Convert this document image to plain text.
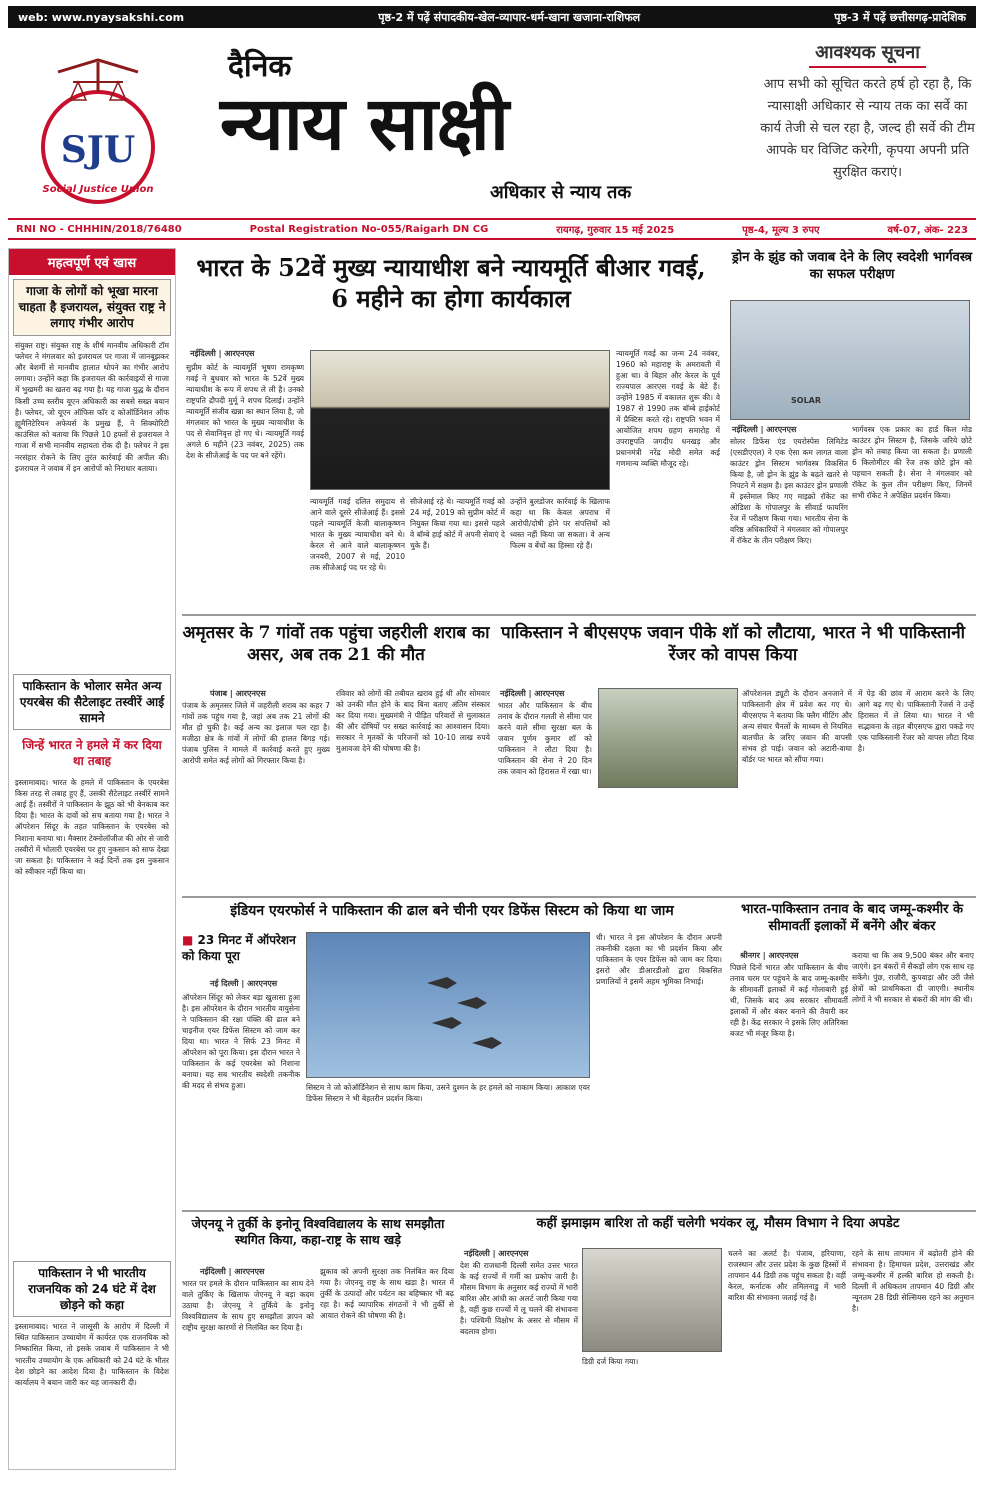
web: www.nyaysakshi.com	पृष्ठ-2 में पढ़ें संपादकीय-खेल-व्यापार-धर्म-खाना खजाना-राशिफल	पृष्ठ-3 में पढ़ें छत्तीसगढ़-प्रादेशिक
SJU
Social Justice Union
दैनिक
न्याय साक्षी
अधिकार से न्याय तक
आवश्यक सूचना
आप सभी को सूचित करते हर्ष हो रहा है, कि न्यासाक्षी अधिकार से न्याय तक का सर्वे का कार्य तेजी से चल रहा है, जल्द ही सर्वे की टीम आपके घर विजिट करेगी, कृपया अपनी प्रति सुरक्षित कराएं।
RNI NO - CHHHIN/2018/76480	Postal Registration No-055/Raigarh DN CG	रायगढ़, गुरुवार 15 मई 2025	पृष्ठ-4, मूल्य 3 रुपए	वर्ष-07, अंक- 223
महत्वपूर्ण एवं खास
गाजा के लोगों को भूखा मारना चाहता है इजरायल, संयुक्त राष्ट्र ने लगाए गंभीर आरोप
संयुक्त राष्ट्र। संयुक्त राष्ट्र के शीर्ष मानवीय अधिकारी टॉम फ्लेचर ने मंगलवार को इजरायल पर गाजा में जानबूझकर और बेशर्मी से मानवीय हालात थोपने का गंभीर आरोप लगाया। उन्होंने कहा कि इजरायल की कार्रवाइयों से गाजा में भुखमरी का खतरा बढ़ गया है। यह गाजा युद्ध के दौरान किसी उच्च स्तरीय यूएन अधिकारी का सबसे सख्त बयान है। फ्लेचर, जो यूएन ऑफिस फॉर द कोऑर्डिनेशन ऑफ ह्यूमैनिटेरियन अफेयर्स के प्रमुख हैं, ने सिक्योरिटी काउंसिल को बताया कि पिछले 10 हफ्तों से इजरायल ने गाजा में सभी मानवीय सहायता रोक दी है। फ्लेचर ने इस नरसंहार रोकने के लिए तुरंत कार्रवाई की अपील की। इजरायल ने जवाब में इन आरोपों को निराधार बताया।
पाकिस्तान के भोलार समेत अन्य एयरबेस की सैटेलाइट तस्वीरें आई सामने
जिन्हें भारत ने हमले में कर दिया था तबाह
इस्लामाबाद। भारत के हमले में पाकिस्तान के एयरबेस किस तरह से तबाह हुए हैं, उसकी सैटेलाइट तस्वीरें सामने आई हैं। तस्वीरों ने पाकिस्तान के झूठ को भी बेनकाब कर दिया है। भारत के दावों को सच बताया गया है। भारत ने ऑपरेशन सिंदूर के तहत पाकिस्तान के एयरबेस को निशाना बनाया था। मैक्सार टेक्नोलॉजीज की ओर से जारी तस्वीरों में भोलारी एयरबेस पर हुए नुकसान को साफ देखा जा सकता है। पाकिस्तान ने कई दिनों तक इस नुकसान को स्वीकार नहीं किया था।
पाकिस्तान ने भी भारतीय राजनयिक को 24 घंटे में देश छोड़ने को कहा
इस्लामाबाद। भारत ने जासूसी के आरोप में दिल्ली में स्थित पाकिस्तान उच्चायोग में कार्यरत एक राजनयिक को निष्कासित किया, तो इसके जवाब में पाकिस्तान ने भी भारतीय उच्चायोग के एक अधिकारी को 24 घंटे के भीतर देश छोड़ने का आदेश दिया है। पाकिस्तान के विदेश कार्यालय ने बयान जारी कर यह जानकारी दी।
भारत के 52वें मुख्य न्यायाधीश बने न्यायमूर्ति बीआर गवई, 6 महीने का होगा कार्यकाल
नईदिल्ली | आरएनएस
सुप्रीम कोर्ट के न्यायमूर्ति भूषण रामकृष्ण गवई ने बुधवार को भारत के 52वें मुख्य न्यायाधीश के रूप में शपथ ले ली है। उनको राष्ट्रपति द्रौपदी मुर्मू ने शपथ दिलाई। उन्होंने न्यायमूर्ति संजीव खन्ना का स्थान लिया है, जो मंगलवार को भारत के मुख्य न्यायाधीश के पद से सेवानिवृत्त हो गए थे। न्यायमूर्ति गवई अगले 6 महीने (23 नवंबर, 2025) तक देश के सीजेआई के पद पर बने रहेंगे।
न्यायमूर्ति गवई दलित समुदाय से आने वाले दूसरे सीजेआई हैं। इससे पहले न्यायमूर्ति केजी बालाकृष्णन भारत के मुख्य न्यायाधीश बने थे। केरल से आने वाले बालाकृष्णन जनवरी, 2007 से मई, 2010 तक सीजेआई पद पर रहे थे।
सीजेआई रहे थे। न्यायमूर्ति गवई को 24 मई, 2019 को सुप्रीम कोर्ट में नियुक्त किया गया था। इससे पहले वे बॉम्बे हाई कोर्ट में अपनी सेवाएं दे चुके हैं।
उन्होंने बुलडोजर कार्रवाई के खिलाफ कहा था कि केवल अपराध में आरोपी/दोषी होने पर संपत्तियों को ध्वस्त नहीं किया जा सकता। वे अन्य फिल्म व बेंचों का हिस्सा रहे हैं।
न्यायमूर्ति गवई का जन्म 24 नवंबर, 1960 को महाराष्ट्र के अमरावती में हुआ था। वे बिहार और केरल के पूर्व राज्यपाल आरएस गवई के बेटे हैं। उन्होंने 1985 में वकालत शुरू की। वे 1987 से 1990 तक बॉम्बे हाईकोर्ट में प्रैक्टिस करते रहे। राष्ट्रपति भवन में आयोजित शपथ ग्रहण समारोह में उपराष्ट्रपति जगदीप धनखड़ और प्रधानमंत्री नरेंद्र मोदी समेत कई गणमान्य व्यक्ति मौजूद रहे।
ड्रोन के झुंड को जवाब देने के लिए स्वदेशी भार्गवस्त्र का सफल परीक्षण
SOLAR
नईदिल्ली | आरएनएस
सोलर डिफेंस एंड एयरोस्पेस लिमिटेड (एसडीएएल) ने एक ऐसा कम लागत वाला काउंटर ड्रोन सिस्टम भार्गवस्त्र विकसित किया है, जो ड्रोन के झुंड के बढ़ते खतरे से निपटने में सक्षम है। इस काउंटर ड्रोन प्रणाली में इस्तेमाल किए गए माइक्रो रॉकेट का ओडिशा के गोपालपुर के सीवार्ड फायरिंग रेंज में परीक्षण किया गया। भारतीय सेना के वरिष्ठ अधिकारियों ने मंगलवार को गोपालपुर में रॉकेट के तीन परीक्षण किए।
भार्गवस्त्र एक प्रकार का हार्ड किल मोड काउंटर ड्रोन सिस्टम है, जिसके जरिये छोटे ड्रोन को तबाह किया जा सकता है। प्रणाली 6 किलोमीटर की रेंज तक छोटे ड्रोन को पहचान सकती है। सेना ने मंगलवार को रॉकेट के कुल तीन परीक्षण किए, जिनमें सभी रॉकेट ने अपेक्षित प्रदर्शन किया।
अमृतसर के 7 गांवों तक पहुंचा जहरीली शराब का असर, अब तक 21 की मौत
पंजाब | आरएनएस
पंजाब के अमृतसर जिले में जहरीली शराब का कहर 7 गांवों तक पहुंच गया है, जहां अब तक 21 लोगों की मौत हो चुकी है। कई अन्य का इलाज चल रहा है। मजीठा क्षेत्र के गांवों में लोगों की हालत बिगड़ गई। पंजाब पुलिस ने मामले में कार्रवाई करते हुए मुख्य आरोपी समेत कई लोगों को गिरफ्तार किया है।
रविवार को लोगों की तबीयत खराब हुई थी और सोमवार को उनकी मौत होने के बाद बिना बताए अंतिम संस्कार कर दिया गया। मुख्यमंत्री ने पीड़ित परिवारों से मुलाकात की और दोषियों पर सख्त कार्रवाई का आश्वासन दिया। सरकार ने मृतकों के परिजनों को 10-10 लाख रुपये मुआवजा देने की घोषणा की है।
पाकिस्तान ने बीएसएफ जवान पीके शॉ को लौटाया, भारत ने भी पाकिस्तानी रेंजर को वापस किया
नईदिल्ली | आरएनएस
भारत और पाकिस्तान के बीच तनाव के दौरान गलती से सीमा पार करने वाले सीमा सुरक्षा बल के जवान पूर्णम कुमार शॉ को पाकिस्तान ने लौटा दिया है। पाकिस्तान की सेना ने 20 दिन तक जवान को हिरासत में रखा था।
ऑपरेशनल ड्यूटी के दौरान अनजाने में पाकिस्तानी क्षेत्र में प्रवेश कर गए थे। बीएसएफ ने बताया कि फ्लैग मीटिंग और अन्य संचार चैनलों के माध्यम से नियमित बातचीत के जरिए जवान की वापसी संभव हो पाई। जवान को अटारी-वाघा बॉर्डर पर भारत को सौंपा गया।
में पेड़ की छांव में आराम करने के लिए आगे बढ़ गए थे। पाकिस्तानी रेंजर्स ने उन्हें हिरासत में ले लिया था। भारत ने भी सद्भावना के तहत बीएसएफ द्वारा पकड़े गए एक पाकिस्तानी रेंजर को वापस लौटा दिया है।
इंडियन एयरफोर्स ने पाकिस्तान की ढाल बने चीनी एयर डिफेंस सिस्टम को किया था जाम
■ 23 मिनट में ऑपरेशन को किया पूरा
नई दिल्ली | आरएनएस
ऑपरेशन सिंदूर को लेकर बड़ा खुलासा हुआ है। इस ऑपरेशन के दौरान भारतीय वायुसेना ने पाकिस्तान की रक्षा पंक्ति की ढाल बने चाइनीज एयर डिफेंस सिस्टम को जाम कर दिया था। भारत ने सिर्फ 23 मिनट में ऑपरेशन को पूरा किया। इस दौरान भारत ने पाकिस्तान के कई एयरबेस को निशाना बनाया। यह सब भारतीय स्वदेशी तकनीक की मदद से संभव हुआ।	सिस्टम ने जो कोऑर्डिनेशन से साथ काम किया, उसने दुश्मन के हर हमले को नाकाम किया। आकाश एयर डिफेंस सिस्टम ने भी बेहतरीन प्रदर्शन किया।
थी। भारत ने इस ऑपरेशन के दौरान अपनी तकनीकी दक्षता का भी प्रदर्शन किया और पाकिस्तान के एयर डिफेंस को जाम कर दिया। इसरो और डीआरडीओ द्वारा विकसित प्रणालियों ने इसमें अहम भूमिका निभाई।
भारत-पाकिस्तान तनाव के बाद जम्मू-कश्मीर के सीमावर्ती इलाकों में बनेंगे और बंकर
श्रीनगर | आरएनएस
पिछले दिनों भारत और पाकिस्तान के बीच तनाव चरम पर पहुंचने के बाद जम्मू-कश्मीर के सीमावर्ती इलाकों में कई गोलाबारी हुई थी, जिसके बाद अब सरकार सीमावर्ती इलाकों में और बंकर बनाने की तैयारी कर रही है। केंद्र सरकार ने इसके लिए अतिरिक्त बजट भी मंजूर किया है।
कराया था कि अब 9,500 बंकर और बनाए जाएंगे। इन बंकरों में सैकड़ों लोग एक साथ रह सकेंगे। पुंछ, राजौरी, कुपवाड़ा और उरी जैसे क्षेत्रों को प्राथमिकता दी जाएगी। स्थानीय लोगों ने भी सरकार से बंकरों की मांग की थी।
जेएनयू ने तुर्की के इनोनू विश्वविद्यालय के साथ समझौता स्थगित किया, कहा-राष्ट्र के साथ खड़े
नईदिल्ली | आरएनएस
भारत पर हमले के दौरान पाकिस्तान का साथ देने वाले तुर्किए के खिलाफ जेएनयू ने बड़ा कदम उठाया है। जेएनयू ने तुर्किये के इनोनू विश्वविद्यालय के साथ हुए समझौता ज्ञापन को राष्ट्रीय सुरक्षा कारणों से निलंबित कर दिया है।
झुकाव को अपनी सुरक्षा तक निलंबित कर दिया गया है। जेएनयू राष्ट्र के साथ खड़ा है। भारत में तुर्की के उत्पादों और पर्यटन का बहिष्कार भी बढ़ रहा है। कई व्यापारिक संगठनों ने भी तुर्की से आयात रोकने की घोषणा की है।
कहीं झमाझम बारिश तो कहीं चलेगी भयंकर लू, मौसम विभाग ने दिया अपडेट
नईदिल्ली | आरएनएस
देश की राजधानी दिल्ली समेत उत्तर भारत के कई राज्यों में गर्मी का प्रकोप जारी है। मौसम विभाग के अनुसार कई राज्यों में भारी बारिश और आंधी का अलर्ट जारी किया गया है, वहीं कुछ राज्यों में लू चलने की संभावना है। पश्चिमी विक्षोभ के असर से मौसम में बदलाव होगा।
डिग्री दर्ज किया गया।
चलने का अलर्ट है। पंजाब, हरियाणा, राजस्थान और उत्तर प्रदेश के कुछ हिस्सों में तापमान 44 डिग्री तक पहुंच सकता है। वहीं केरल, कर्नाटक और तमिलनाडु में भारी बारिश की संभावना जताई गई है।
रहने के साथ तापमान में बढ़ोतरी होने की संभावना है। हिमाचल प्रदेश, उत्तराखंड और जम्मू-कश्मीर में हल्की बारिश हो सकती है। दिल्ली में अधिकतम तापमान 40 डिग्री और न्यूनतम 28 डिग्री सेल्सियस रहने का अनुमान है।
